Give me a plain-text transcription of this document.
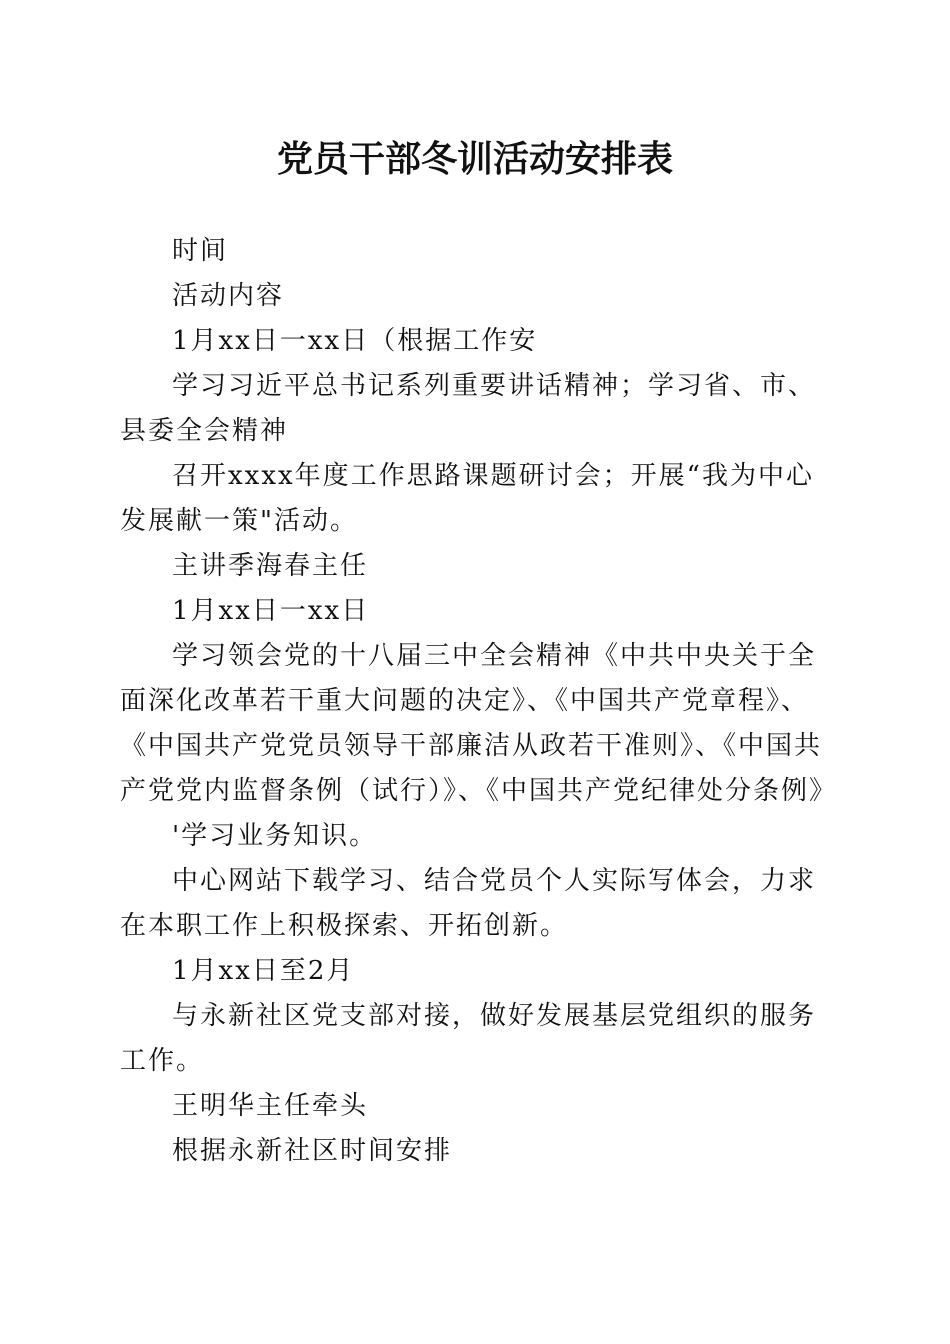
党员干部冬训活动安排表

时间

活动内容

1月xx日一xx日（根据工作安

学习习近平总书记系列重要讲话精神；学习省、市、县委全会精神

召开xxxx年度工作思路课题研讨会；开展“我为中心发展献一策"活动。

主讲季海春主任

1月xx日一xx日

学习领会党的十八届三中全会精神《中共中央关于全面深化改革若干重大问题的决定》、《中国共产党章程》、《中国共产党党员领导干部廉洁从政若干准则》、《中国共产党党内监督条例（试行）》、《中国共产党纪律处分条例》

'学习业务知识。

中心网站下载学习、结合党员个人实际写体会，力求在本职工作上积极探索、开拓创新。

1月xx日至2月

与永新社区党支部对接，做好发展基层党组织的服务工作。

王明华主任牵头

根据永新社区时间安排
